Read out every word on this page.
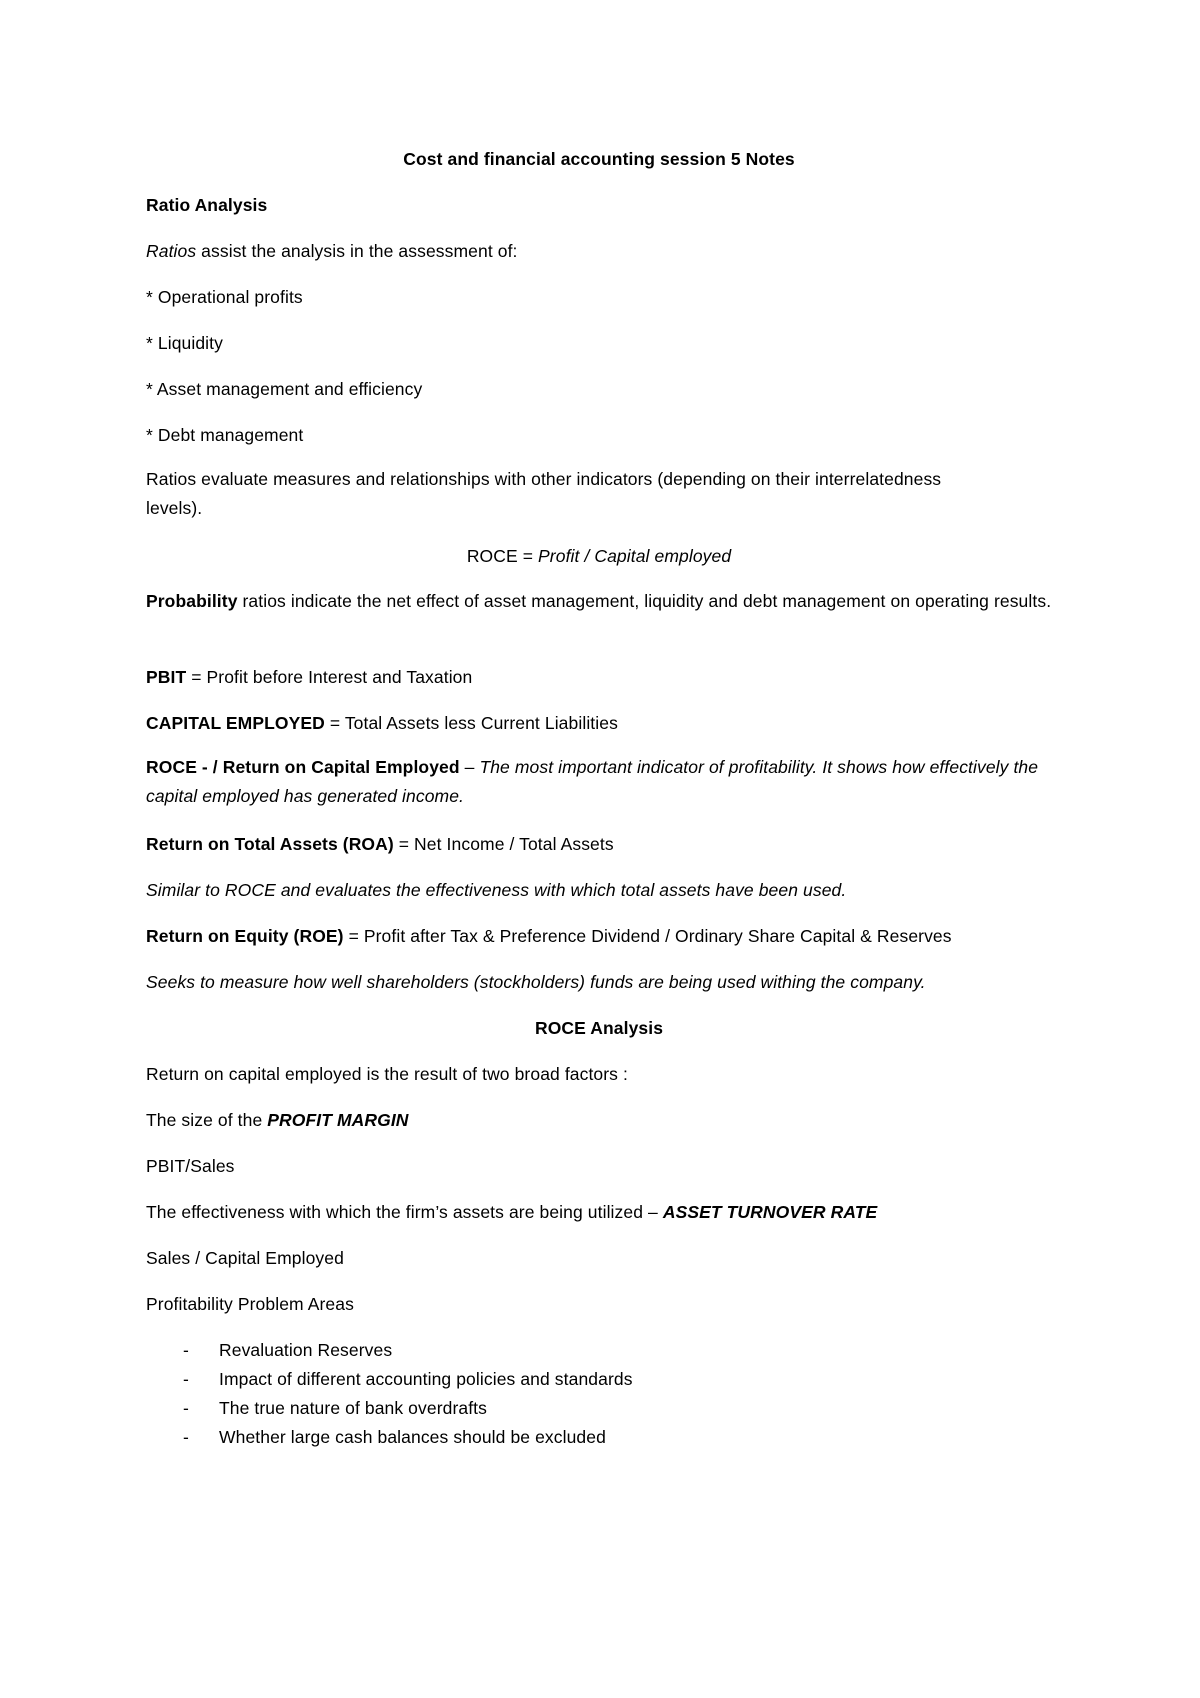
Cost and financial accounting session 5 Notes

Ratio Analysis

Ratios assist the analysis in the assessment of:

* Operational profits

* Liquidity

* Asset management and efficiency

* Debt management

Ratios evaluate measures and relationships with other indicators (depending on their interrelatedness levels).

ROCE = Profit / Capital employed

Probability ratios indicate the net effect of asset management, liquidity and debt management on operating results.

PBIT = Profit before Interest and Taxation

CAPITAL EMPLOYED = Total Assets less Current Liabilities

ROCE - / Return on Capital Employed – The most important indicator of profitability. It shows how effectively the capital employed has generated income.

Return on Total Assets (ROA) = Net Income / Total Assets

Similar to ROCE and evaluates the effectiveness with which total assets have been used.

Return on Equity (ROE) = Profit after Tax & Preference Dividend / Ordinary Share Capital & Reserves

Seeks to measure how well shareholders (stockholders) funds are being used withing the company.

ROCE Analysis

Return on capital employed is the result of two broad factors :

The size of the PROFIT MARGIN

PBIT/Sales

The effectiveness with which the firm’s assets are being utilized – ASSET TURNOVER RATE

Sales / Capital Employed

Profitability Problem Areas

- Revaluation Reserves
- Impact of different accounting policies and standards
- The true nature of bank overdrafts
- Whether large cash balances should be excluded
